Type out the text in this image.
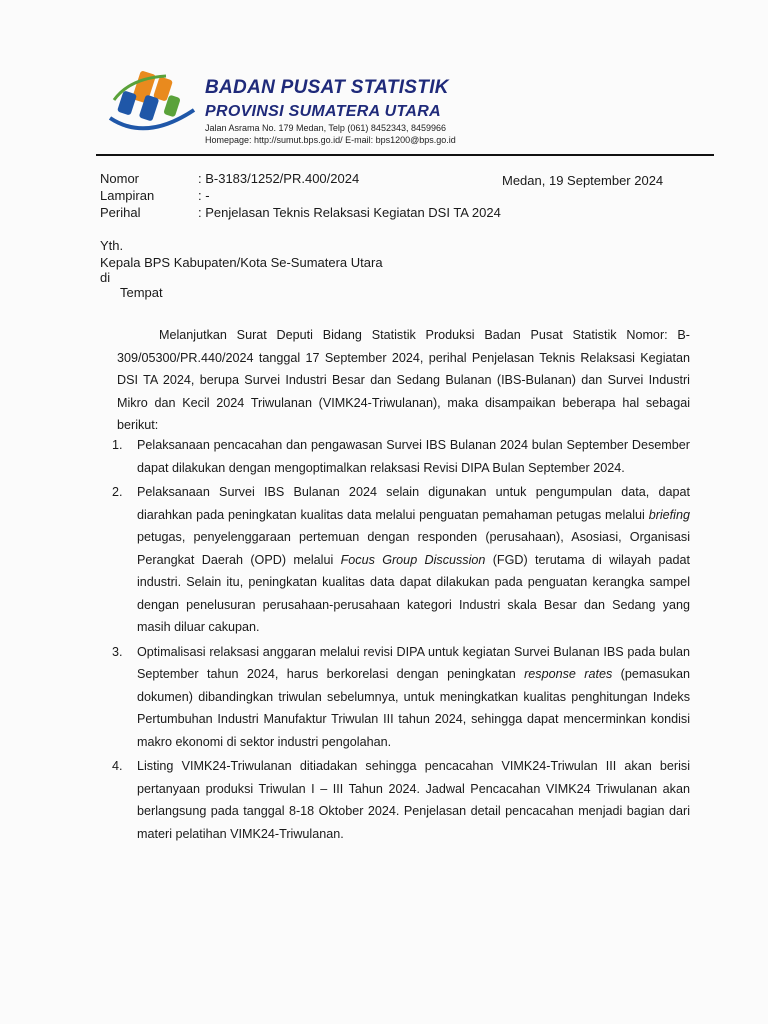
BADAN PUSAT STATISTIK
PROVINSI SUMATERA UTARA
Jalan Asrama No. 179 Medan, Telp (061) 8452343, 8459966
Homepage: http://sumut.bps.go.id/ E-mail: bps1200@bps.go.id
Nomor	: B-3183/1252/PR.400/2024
Lampiran	: -
Perihal	: Penjelasan Teknis Relaksasi Kegiatan DSI TA 2024
Medan, 19 September 2024
Yth.
Kepala BPS Kabupaten/Kota Se-Sumatera Utara
di
Tempat
Melanjutkan Surat Deputi Bidang Statistik Produksi Badan Pusat Statistik Nomor: B-309/05300/PR.440/2024 tanggal 17 September 2024, perihal Penjelasan Teknis Relaksasi Kegiatan DSI TA 2024, berupa Survei Industri Besar dan Sedang Bulanan (IBS-Bulanan) dan Survei Industri Mikro dan Kecil 2024 Triwulanan (VIMK24-Triwulanan), maka disampaikan beberapa hal sebagai berikut:
1. Pelaksanaan pencacahan dan pengawasan Survei IBS Bulanan 2024 bulan September Desember dapat dilakukan dengan mengoptimalkan relaksasi Revisi DIPA Bulan September 2024.
2. Pelaksanaan Survei IBS Bulanan 2024 selain digunakan untuk pengumpulan data, dapat diarahkan pada peningkatan kualitas data melalui penguatan pemahaman petugas melalui briefing petugas, penyelenggaraan pertemuan dengan responden (perusahaan), Asosiasi, Organisasi Perangkat Daerah (OPD) melalui Focus Group Discussion (FGD) terutama di wilayah padat industri. Selain itu, peningkatan kualitas data dapat dilakukan pada penguatan kerangka sampel dengan penelusuran perusahaan-perusahaan kategori Industri skala Besar dan Sedang yang masih diluar cakupan.
3. Optimalisasi relaksasi anggaran melalui revisi DIPA untuk kegiatan Survei Bulanan IBS pada bulan September tahun 2024, harus berkorelasi dengan peningkatan response rates (pemasukan dokumen) dibandingkan triwulan sebelumnya, untuk meningkatkan kualitas penghitungan Indeks Pertumbuhan Industri Manufaktur Triwulan III tahun 2024, sehingga dapat mencerminkan kondisi makro ekonomi di sektor industri pengolahan.
4. Listing VIMK24-Triwulanan ditiadakan sehingga pencacahan VIMK24-Triwulan III akan berisi pertanyaan produksi Triwulan I – III Tahun 2024. Jadwal Pencacahan VIMK24 Triwulanan akan berlangsung pada tanggal 8-18 Oktober 2024. Penjelasan detail pencacahan menjadi bagian dari materi pelatihan VIMK24-Triwulanan.
